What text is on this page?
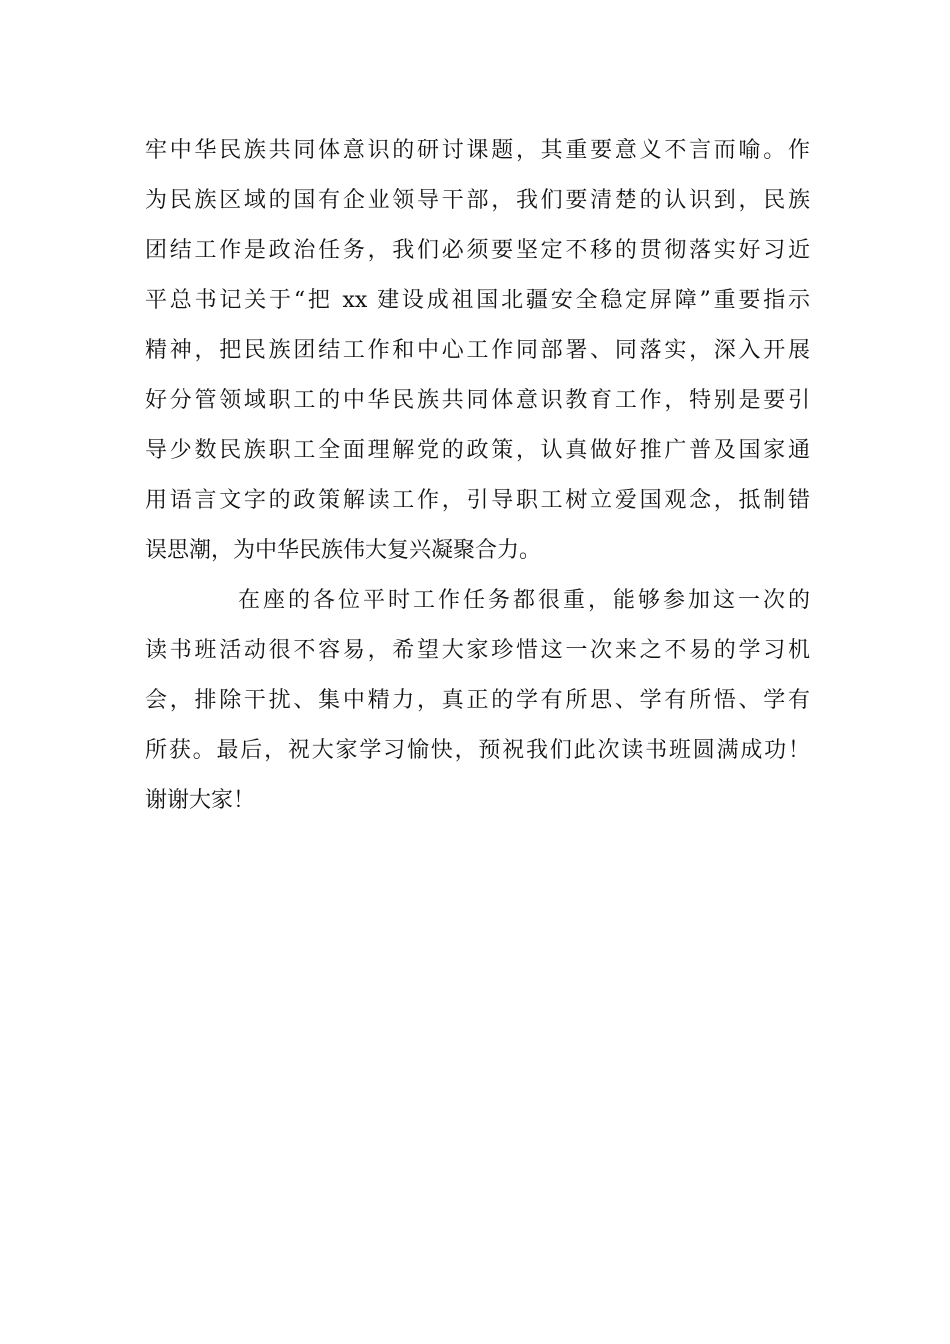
牢中华民族共同体意识的研讨课题，其重要意义不言而喻。作
为民族区域的国有企业领导干部，我们要清楚的认识到，民族
团结工作是政治任务，我们必须要坚定不移的贯彻落实好习近
平总书记关于“把 xx 建设成祖国北疆安全稳定屏障”重要指示
精神，把民族团结工作和中心工作同部署、同落实，深入开展
好分管领域职工的中华民族共同体意识教育工作，特别是要引
导少数民族职工全面理解党的政策，认真做好推广普及国家通
用语言文字的政策解读工作，引导职工树立爱国观念，抵制错
误思潮，为中华民族伟大复兴凝聚合力。
在座的各位平时工作任务都很重，能够参加这一次的
读书班活动很不容易，希望大家珍惜这一次来之不易的学习机
会，排除干扰、集中精力，真正的学有所思、学有所悟、学有
所获。最后，祝大家学习愉快，预祝我们此次读书班圆满成功！
谢谢大家！
